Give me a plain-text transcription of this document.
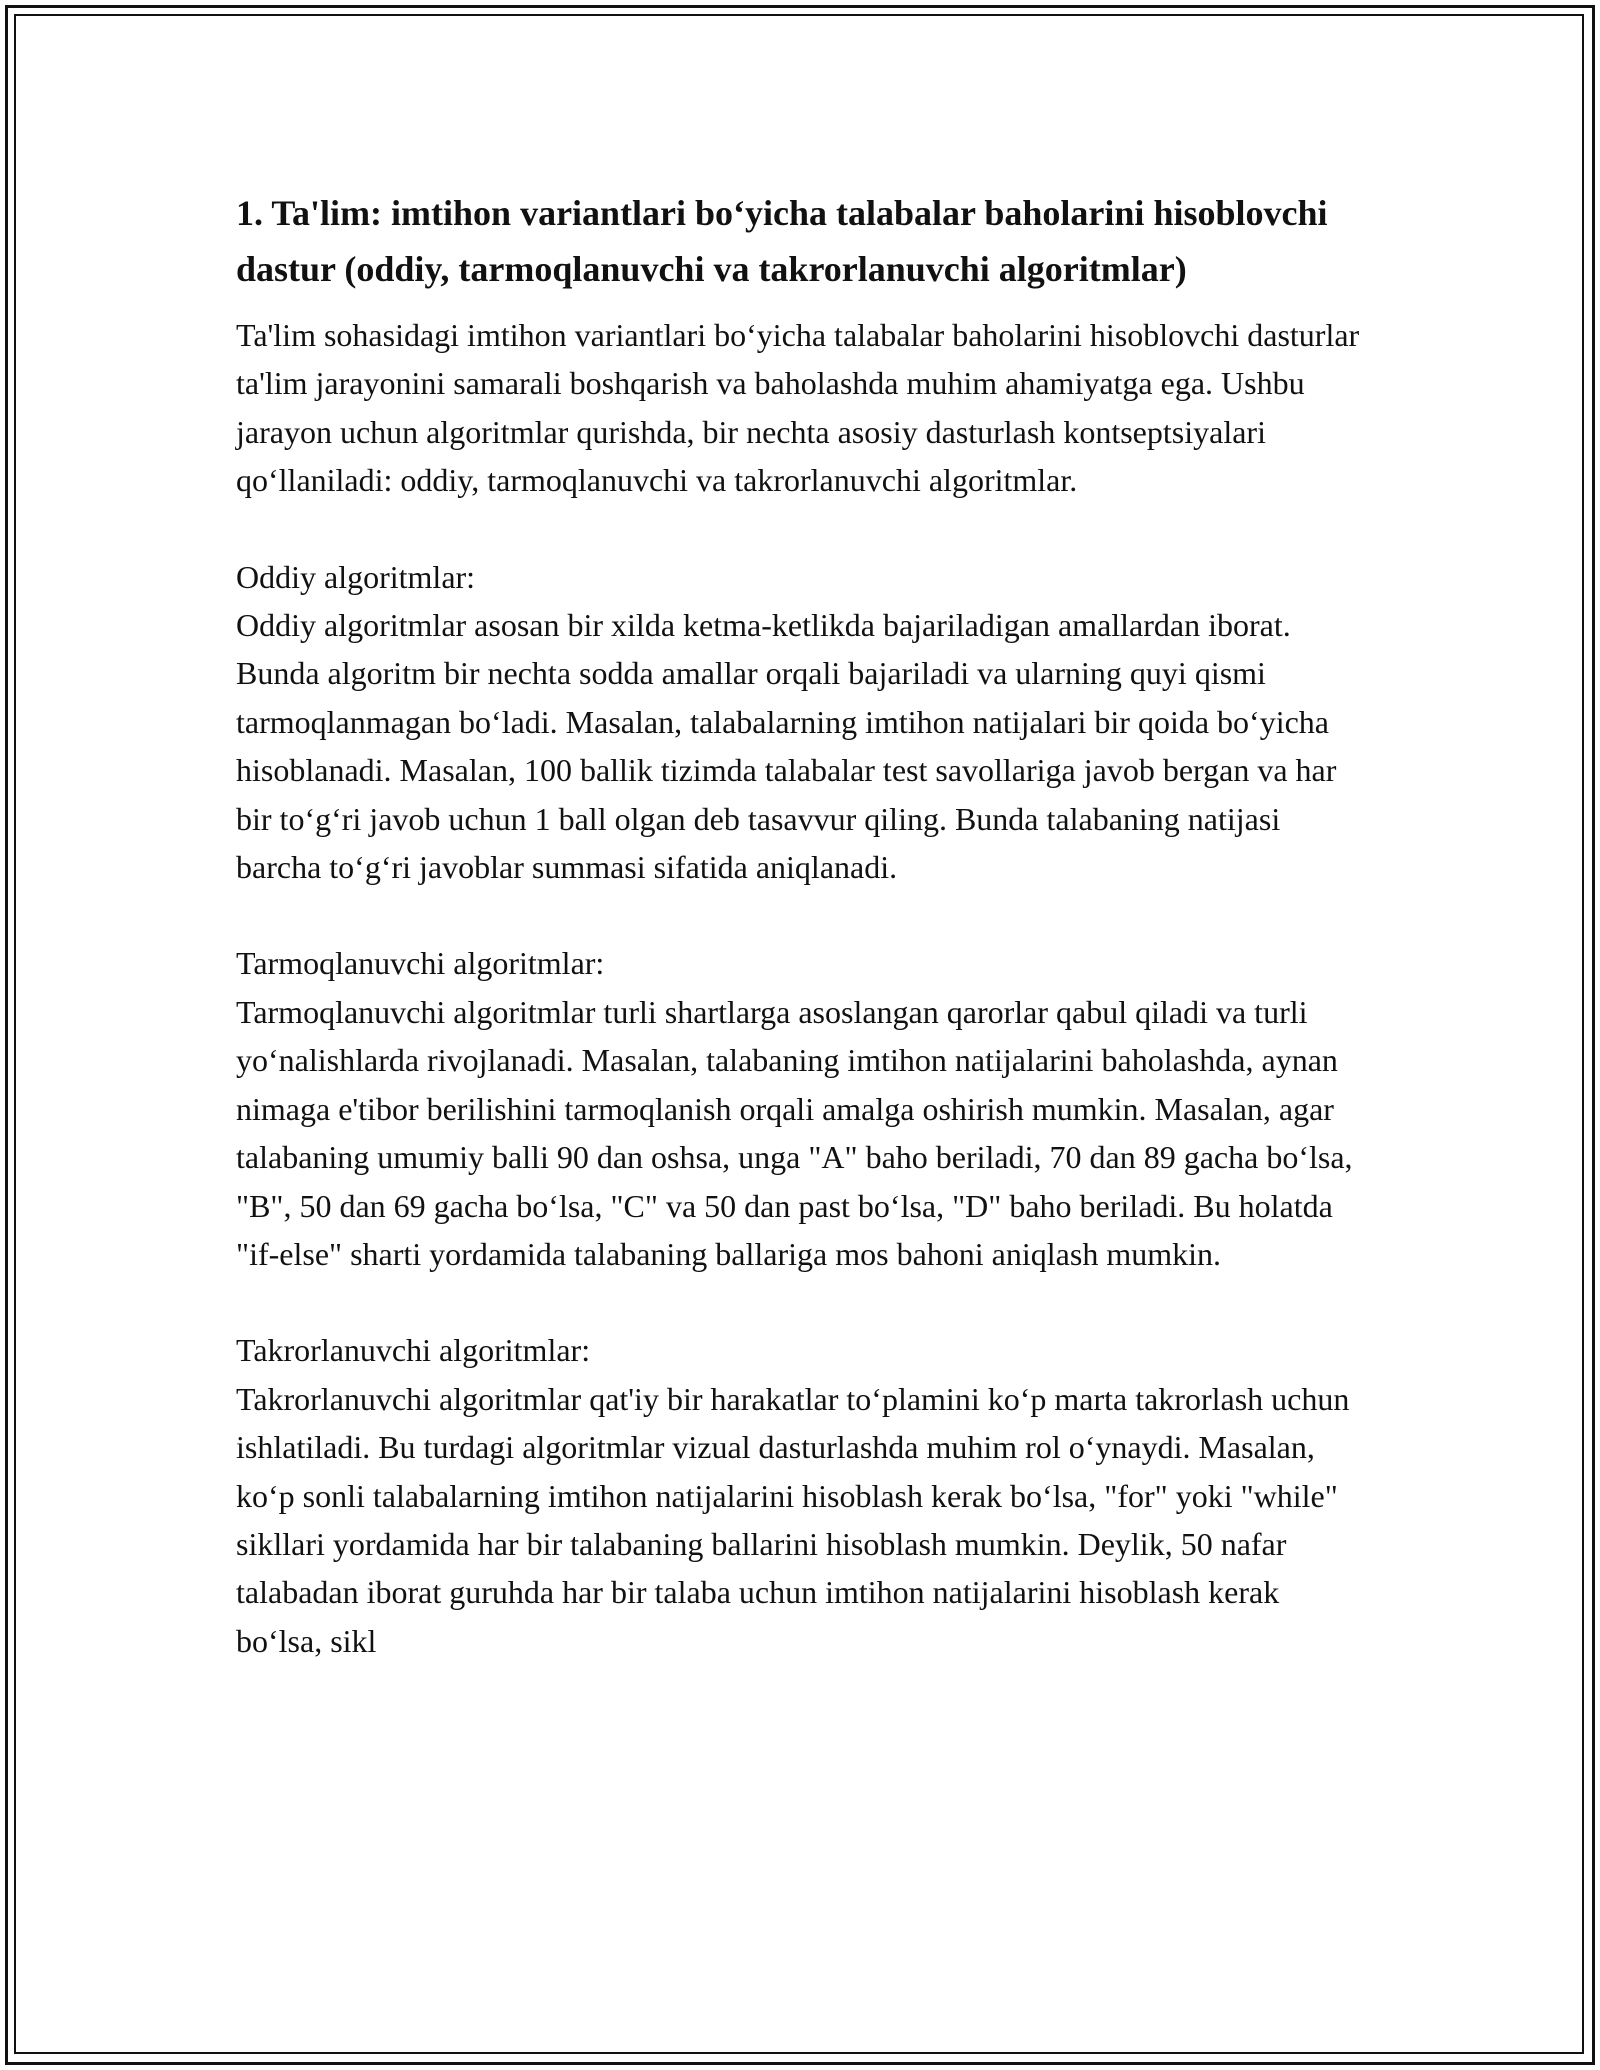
1. Ta'lim: imtihon variantlari bo‘yicha talabalar baholarini hisoblovchi dastur (oddiy, tarmoqlanuvchi va takrorlanuvchi algoritmlar)

Ta'lim sohasidagi imtihon variantlari bo‘yicha talabalar baholarini hisoblovchi dasturlar ta'lim jarayonini samarali boshqarish va baholashda muhim ahamiyatga ega. Ushbu jarayon uchun algoritmlar qurishda, bir nechta asosiy dasturlash kontseptsiyalari qo‘llaniladi: oddiy, tarmoqlanuvchi va takrorlanuvchi algoritmlar.

Oddiy algoritmlar:

Oddiy algoritmlar asosan bir xilda ketma-ketlikda bajariladigan amallardan iborat. Bunda algoritm bir nechta sodda amallar orqali bajariladi va ularning quyi qismi tarmoqlanmagan bo‘ladi. Masalan, talabalarning imtihon natijalari bir qoida bo‘yicha hisoblanadi. Masalan, 100 ballik tizimda talabalar test savollariga javob bergan va har bir to‘g‘ri javob uchun 1 ball olgan deb tasavvur qiling. Bunda talabaning natijasi barcha to‘g‘ri javoblar summasi sifatida aniqlanadi.

Tarmoqlanuvchi algoritmlar:

Tarmoqlanuvchi algoritmlar turli shartlarga asoslangan qarorlar qabul qiladi va turli yo‘nalishlarda rivojlanadi. Masalan, talabaning imtihon natijalarini baholashda, aynan nimaga e'tibor berilishini tarmoqlanish orqali amalga oshirish mumkin. Masalan, agar talabaning umumiy balli 90 dan oshsa, unga "A" baho beriladi, 70 dan 89 gacha bo‘lsa, "B", 50 dan 69 gacha bo‘lsa, "C" va 50 dan past bo‘lsa, "D" baho beriladi. Bu holatda "if-else" sharti yordamida talabaning ballariga mos bahoni aniqlash mumkin.

Takrorlanuvchi algoritmlar:

Takrorlanuvchi algoritmlar qat'iy bir harakatlar to‘plamini ko‘p marta takrorlash uchun ishlatiladi. Bu turdagi algoritmlar vizual dasturlashda muhim rol o‘ynaydi. Masalan, ko‘p sonli talabalarning imtihon natijalarini hisoblash kerak bo‘lsa, "for" yoki "while" sikllari yordamida har bir talabaning ballarini hisoblash mumkin. Deylik, 50 nafar talabadan iborat guruhda har bir talaba uchun imtihon natijalarini hisoblash kerak bo‘lsa, sikl
